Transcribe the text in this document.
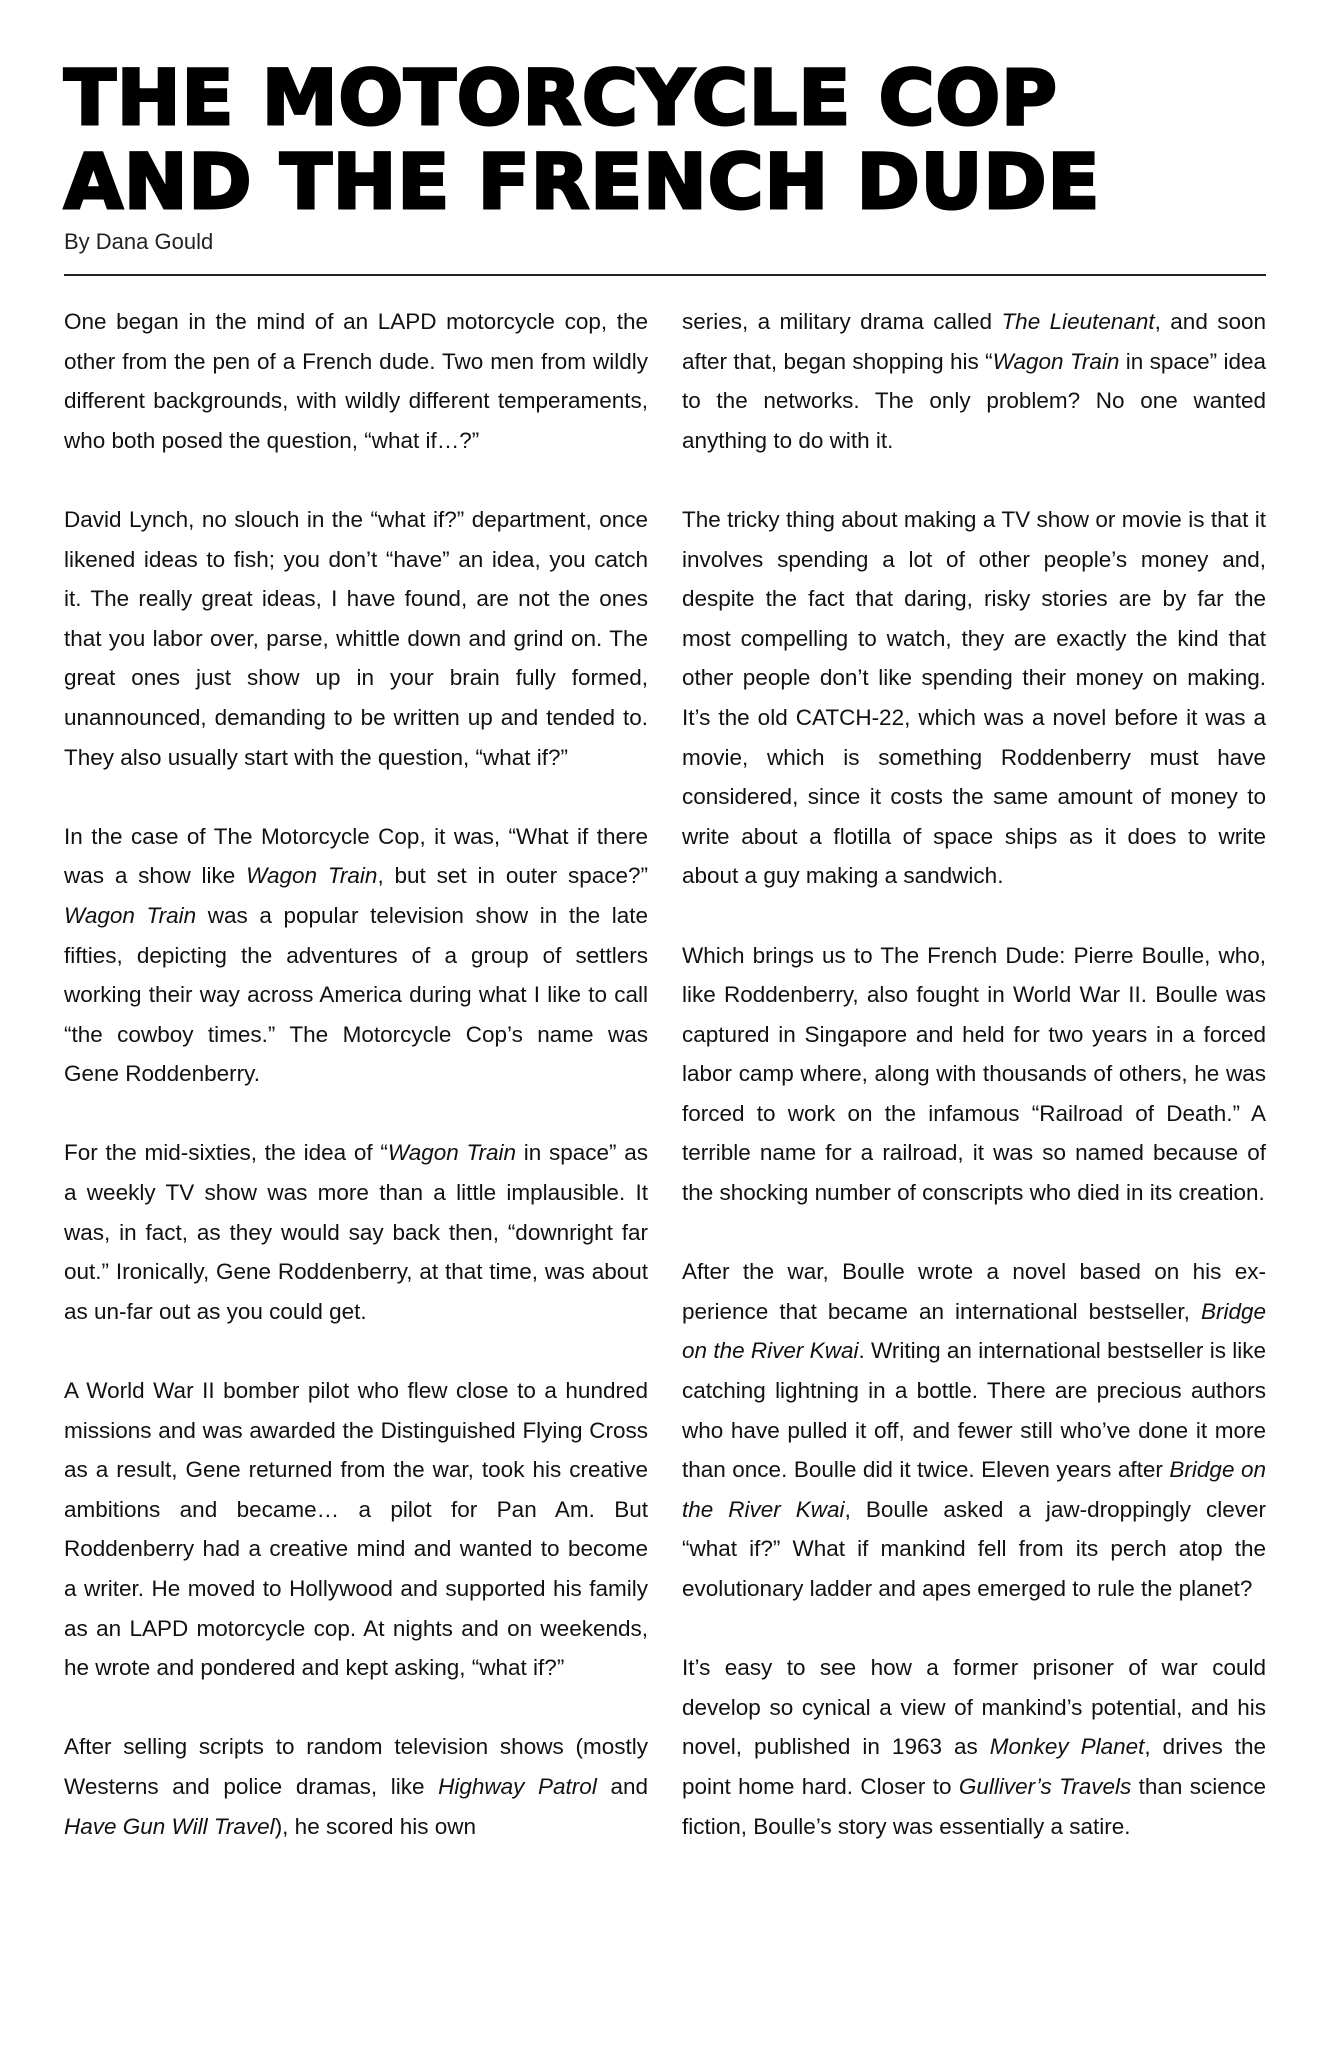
THE MOTORCYCLE COP
AND THE FRENCH DUDE
By Dana Gould

One began in the mind of an LAPD motorcycle cop, the other from the pen of a French dude. Two men from wildly different backgrounds, with wildly different temperaments, who both posed the question, “what if…?”

David Lynch, no slouch in the “what if?” department, once likened ideas to fish; you don’t “have” an idea, you catch it. The really great ideas, I have found, are not the ones that you labor over, parse, whittle down and grind on. The great ones just show up in your brain fully formed, unannounced, demanding to be written up and tended to. They also usually start with the question, “what if?”

In the case of The Motorcycle Cop, it was, “What if there was a show like Wagon Train, but set in outer space?” Wagon Train was a popular television show in the late fifties, depicting the adventures of a group of settlers working their way across America during what I like to call “the cowboy times.” The Motorcycle Cop’s name was Gene Roddenberry.

For the mid-sixties, the idea of “Wagon Train in space” as a weekly TV show was more than a little implausible. It was, in fact, as they would say back then, “downright far out.” Ironically, Gene Roddenberry, at that time, was about as un-far out as you could get.

A World War II bomber pilot who flew close to a hundred missions and was awarded the Distinguished Flying Cross as a result, Gene returned from the war, took his creative ambitions and became… a pilot for Pan Am. But Roddenberry had a creative mind and wanted to become a writer. He moved to Hollywood and supported his family as an LAPD motorcycle cop. At nights and on weekends, he wrote and pondered and kept asking, “what if?”

After selling scripts to random television shows (mostly Westerns and police dramas, like Highway Patrol and Have Gun Will Travel), he scored his own

series, a military drama called The Lieutenant, and soon after that, began shopping his “Wagon Train in space” idea to the networks. The only problem? No one wanted anything to do with it.

The tricky thing about making a TV show or movie is that it involves spending a lot of other people’s money and, despite the fact that daring, risky stories are by far the most compelling to watch, they are exactly the kind that other people don’t like spending their money on making. It’s the old CATCH-22, which was a novel before it was a movie, which is something Roddenberry must have considered, since it costs the same amount of money to write about a flotilla of space ships as it does to write about a guy making a sandwich.

Which brings us to The French Dude: Pierre Boulle, who, like Roddenberry, also fought in World War II. Boulle was captured in Singapore and held for two years in a forced labor camp where, along with thousands of others, he was forced to work on the infamous “Railroad of Death.” A terrible name for a railroad, it was so named because of the shocking number of conscripts who died in its creation.

After the war, Boulle wrote a novel based on his experience that became an international bestseller, Bridge on the River Kwai. Writing an international bestseller is like catching lightning in a bottle. There are precious authors who have pulled it off, and fewer still who’ve done it more than once. Boulle did it twice. Eleven years after Bridge on the River Kwai, Boulle asked a jaw-droppingly clever “what if?” What if mankind fell from its perch atop the evolutionary ladder and apes emerged to rule the planet?

It’s easy to see how a former prisoner of war could develop so cynical a view of mankind’s potential, and his novel, published in 1963 as Monkey Planet, drives the point home hard. Closer to Gulliver’s Travels than science fiction, Boulle’s story was essentially a satire.
